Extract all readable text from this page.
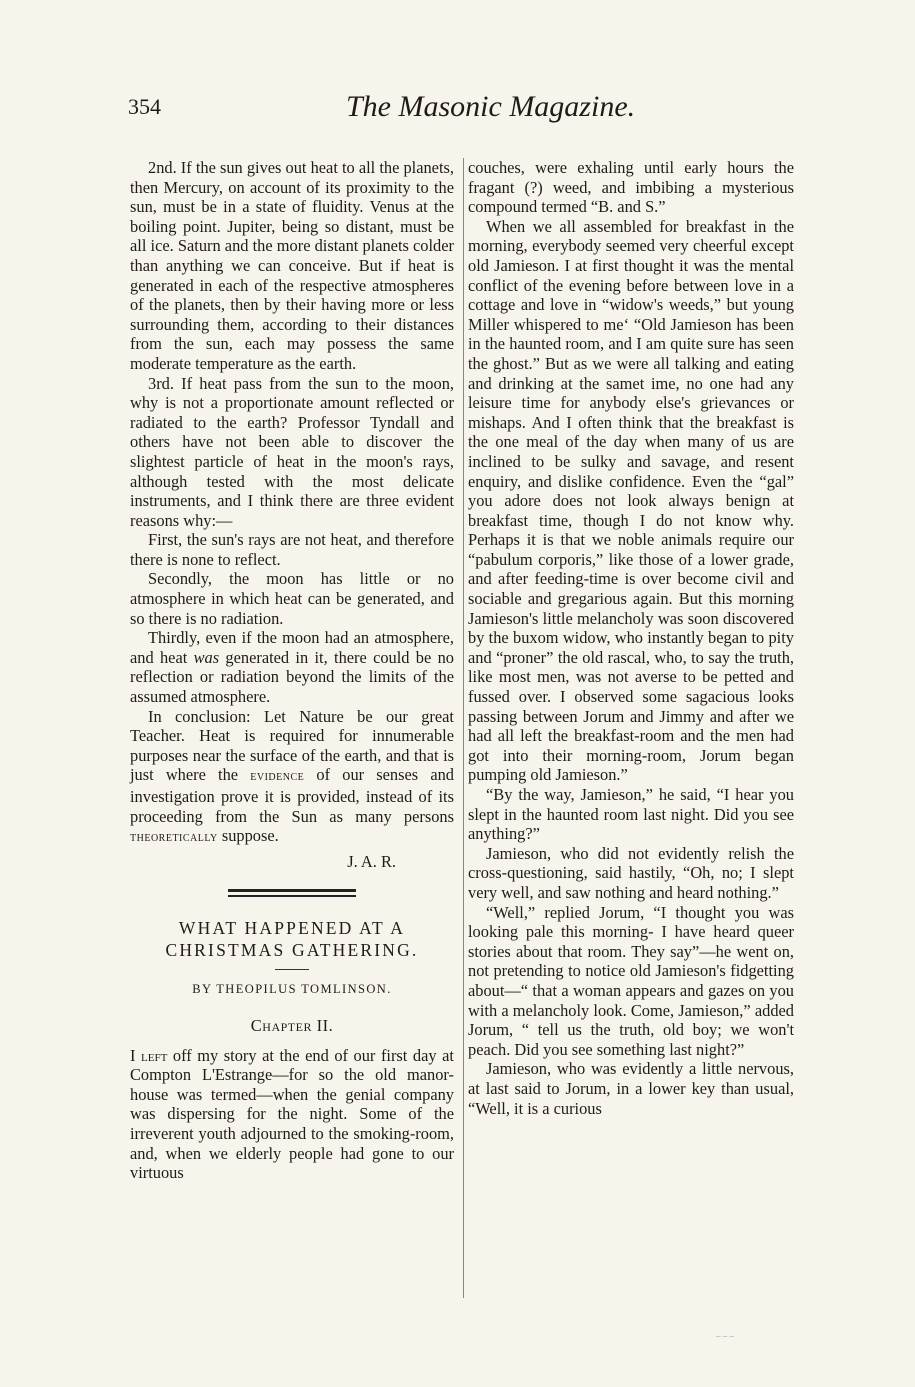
354	The Masonic Magazine.

2nd. If the sun gives out heat to all the planets, then Mercury, on account of its proximity to the sun, must be in a state of fluidity. Venus at the boiling point. Jupiter, being so distant, must be all ice. Saturn and the more distant planets colder than anything we can conceive. But if heat is generated in each of the respective atmospheres of the planets, then by their having more or less surrounding them, according to their distances from the sun, each may possess the same moderate temperature as the earth.

3rd. If heat pass from the sun to the moon, why is not a proportionate amount reflected or radiated to the earth? Professor Tyndall and others have not been able to discover the slightest particle of heat in the moon's rays, although tested with the most delicate instruments, and I think there are three evident reasons why:—

First, the sun's rays are not heat, and therefore there is none to reflect.

Secondly, the moon has little or no atmosphere in which heat can be generated, and so there is no radiation.

Thirdly, even if the moon had an atmosphere, and heat was generated in it, there could be no reflection or radiation beyond the limits of the assumed atmosphere.

In conclusion: Let Nature be our great Teacher. Heat is required for innumerable purposes near the surface of the earth, and that is just where the evidence of our senses and investigation prove it is provided, instead of its proceeding from the Sun as many persons theoretically suppose.

J. A. R.

WHAT HAPPENED AT A

CHRISTMAS GATHERING.

BY THEOPILUS TOMLINSON.

Chapter II.

I left off my story at the end of our first day at Compton L'Estrange—for so the old manor-house was termed—when the genial company was dispersing for the night. Some of the irreverent youth adjourned to the smoking-room, and, when we elderly people had gone to our virtuous

couches, were exhaling until early hours the fragant (?) weed, and imbibing a mysterious compound termed “B. and S.”

When we all assembled for breakfast in the morning, everybody seemed very cheerful except old Jamieson. I at first thought it was the mental conflict of the evening before between love in a cottage and love in “widow's weeds,” but young Miller whispered to me‘ “Old Jamieson has been in the haunted room, and I am quite sure has seen the ghost.” But as we were all talking and eating and drinking at the samet ime, no one had any leisure time for anybody else's grievances or mishaps. And I often think that the breakfast is the one meal of the day when many of us are inclined to be sulky and savage, and resent enquiry, and dislike confidence. Even the “gal” you adore does not look always benign at breakfast time, though I do not know why. Perhaps it is that we noble animals require our “pabulum corporis,” like those of a lower grade, and after feeding-time is over become civil and sociable and gregarious again. But this morning Jamieson's little melancholy was soon discovered by the buxom widow, who instantly began to pity and “proner” the old rascal, who, to say the truth, like most men, was not averse to be petted and fussed over. I observed some sagacious looks passing between Jorum and Jimmy and after we had all left the breakfast-room and the men had got into their morning-room, Jorum began pumping old Jamieson.”

“By the way, Jamieson,” he said, “I hear you slept in the haunted room last night. Did you see anything?”

Jamieson, who did not evidently relish the cross-questioning, said hastily, “Oh, no; I slept very well, and saw nothing and heard nothing.”

“Well,” replied Jorum, “I thought you was looking pale this morning- I have heard queer stories about that room. They say”—he went on, not pretending to notice old Jamieson's fidgetting about—“ that a woman appears and gazes on you with a melancholy look. Come, Jamieson,” added Jorum, “ tell us the truth, old boy; we won't peach. Did you see something last night?”

Jamieson, who was evidently a little nervous, at last said to Jorum, in a lower key than usual, “Well, it is a curious

– – –
